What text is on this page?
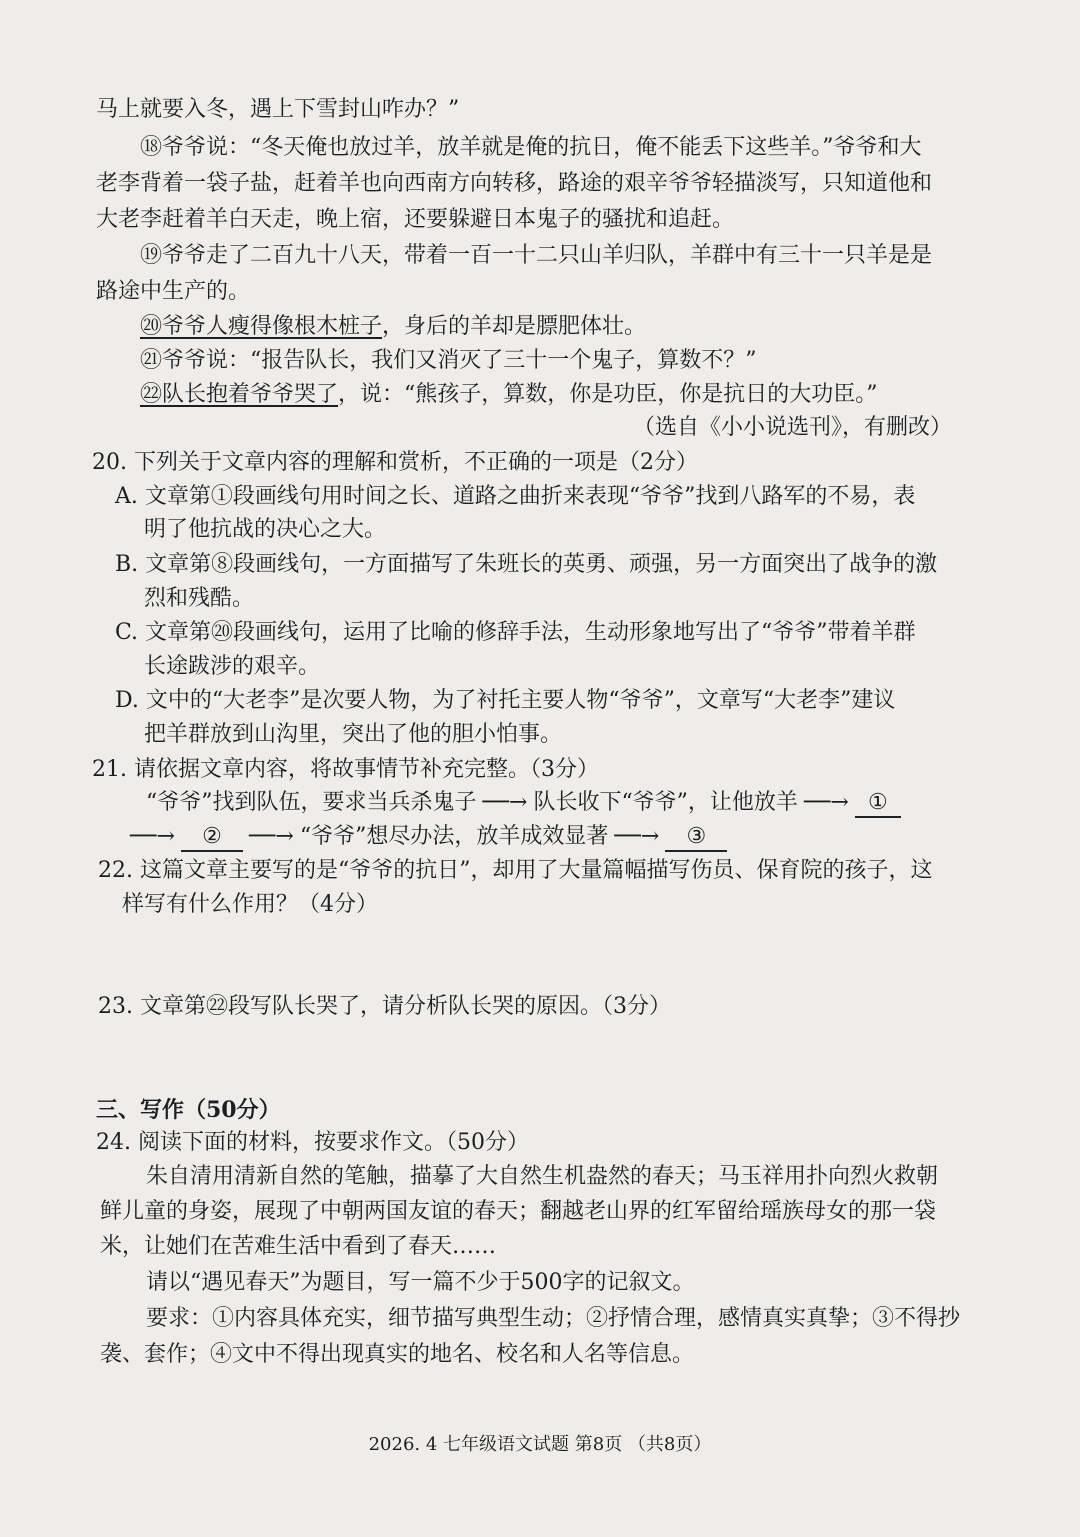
马上就要入冬，遇上下雪封山咋办？”
⑱爷爷说：“冬天俺也放过羊，放羊就是俺的抗日，俺不能丢下这些羊。”爷爷和大
老李背着一袋子盐，赶着羊也向西南方向转移，路途的艰辛爷爷轻描淡写，只知道他和
大老李赶着羊白天走，晚上宿，还要躲避日本鬼子的骚扰和追赶。
⑲爷爷走了二百九十八天，带着一百一十二只山羊归队，羊群中有三十一只羊是是
路途中生产的。
⑳爷爷人瘦得像根木桩子，身后的羊却是膘肥体壮。
㉑爷爷说：“报告队长，我们又消灭了三十一个鬼子，算数不？”
㉒队长抱着爷爷哭了，说：“熊孩子，算数，你是功臣，你是抗日的大功臣。”
（选自《小小说选刊》，有删改）
20. 下列关于文章内容的理解和赏析，不正确的一项是（2分）
A. 文章第①段画线句用时间之长、道路之曲折来表现“爷爷”找到八路军的不易，表
明了他抗战的决心之大。
B. 文章第⑧段画线句，一方面描写了朱班长的英勇、顽强，另一方面突出了战争的激
烈和残酷。
C. 文章第⑳段画线句，运用了比喻的修辞手法，生动形象地写出了“爷爷”带着羊群
长途跋涉的艰辛。
D. 文中的“大老李”是次要人物，为了衬托主要人物“爷爷”，文章写“大老李”建议
把羊群放到山沟里，突出了他的胆小怕事。
21. 请依据文章内容，将故事情节补充完整。（3分）
“爷爷”找到队伍，要求当兵杀鬼子 ──→ 队长收下“爷爷”，让他放羊 ──→ ①
──→ ② ──→ “爷爷”想尽办法，放羊成效显著 ──→ ③
22. 这篇文章主要写的是“爷爷的抗日”，却用了大量篇幅描写伤员、保育院的孩子，这
样写有什么作用？（4分）
23. 文章第㉒段写队长哭了，请分析队长哭的原因。（3分）
三、写作（50分）
24. 阅读下面的材料，按要求作文。（50分）
朱自清用清新自然的笔触，描摹了大自然生机盎然的春天；马玉祥用扑向烈火救朝
鲜儿童的身姿，展现了中朝两国友谊的春天；翻越老山界的红军留给瑶族母女的那一袋
米，让她们在苦难生活中看到了春天……
请以“遇见春天”为题目，写一篇不少于500字的记叙文。
要求：①内容具体充实，细节描写典型生动；②抒情合理，感情真实真挚；③不得抄
袭、套作；④文中不得出现真实的地名、校名和人名等信息。
2026. 4 七年级语文试题 第8页 （共8页）
